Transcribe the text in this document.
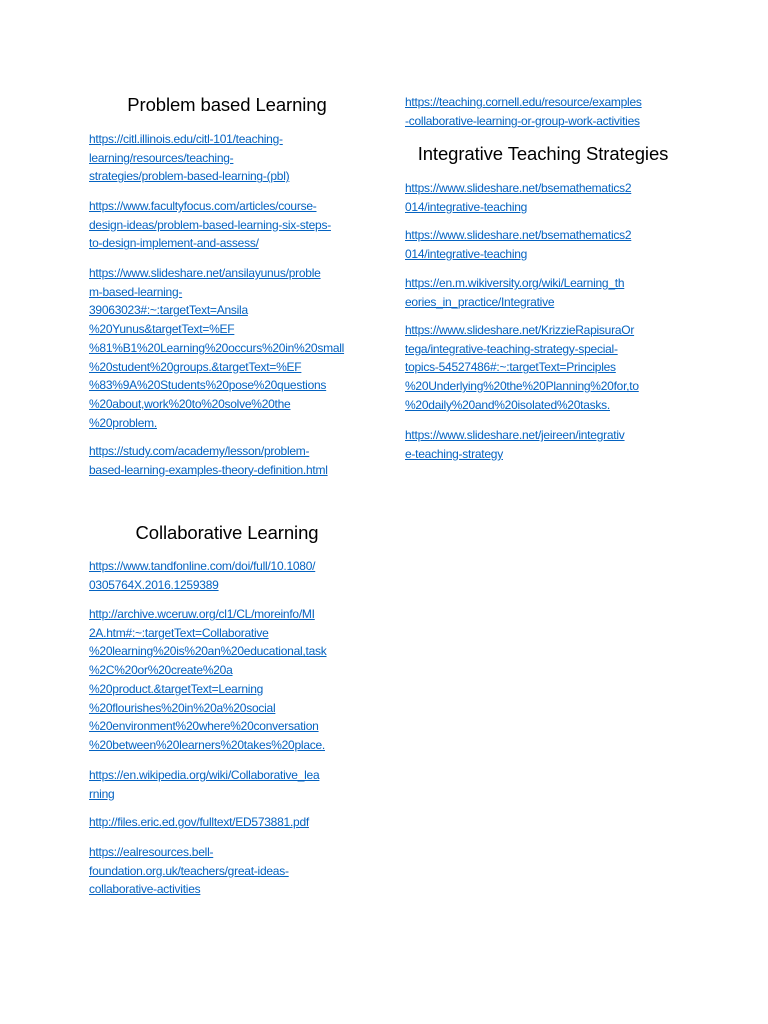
Problem based Learning
https://citl.illinois.edu/citl-101/teaching-
learning/resources/teaching-
strategies/problem-based-learning-(pbl)
https://www.facultyfocus.com/articles/course-
design-ideas/problem-based-learning-six-steps-
to-design-implement-and-assess/
https://www.slideshare.net/ansilayunus/proble
m-based-learning-
39063023#:~:targetText=Ansila
%20Yunus&targetText=%EF
%81%B1%20Learning%20occurs%20in%20small
%20student%20groups.&targetText=%EF
%83%9A%20Students%20pose%20questions
%20about,work%20to%20solve%20the
%20problem.
https://study.com/academy/lesson/problem-
based-learning-examples-theory-definition.html
Collaborative Learning
https://www.tandfonline.com/doi/full/10.1080/
0305764X.2016.1259389
http://archive.wceruw.org/cl1/CL/moreinfo/MI
2A.htm#:~:targetText=Collaborative
%20learning%20is%20an%20educational,task
%2C%20or%20create%20a
%20product.&targetText=Learning
%20flourishes%20in%20a%20social
%20environment%20where%20conversation
%20between%20learners%20takes%20place.
https://en.wikipedia.org/wiki/Collaborative_lea
rning
http://files.eric.ed.gov/fulltext/ED573881.pdf
https://ealresources.bell-
foundation.org.uk/teachers/great-ideas-
collaborative-activities
https://teaching.cornell.edu/resource/examples
-collaborative-learning-or-group-work-activities
Integrative Teaching Strategies
https://www.slideshare.net/bsemathematics2
014/integrative-teaching
https://www.slideshare.net/bsemathematics2
014/integrative-teaching
https://en.m.wikiversity.org/wiki/Learning_th
eories_in_practice/Integrative
https://www.slideshare.net/KrizzieRapisuraOr
tega/integrative-teaching-strategy-special-
topics-54527486#:~:targetText=Principles
%20Underlying%20the%20Planning%20for,to
%20daily%20and%20isolated%20tasks.
https://www.slideshare.net/jeireen/integrativ
e-teaching-strategy
